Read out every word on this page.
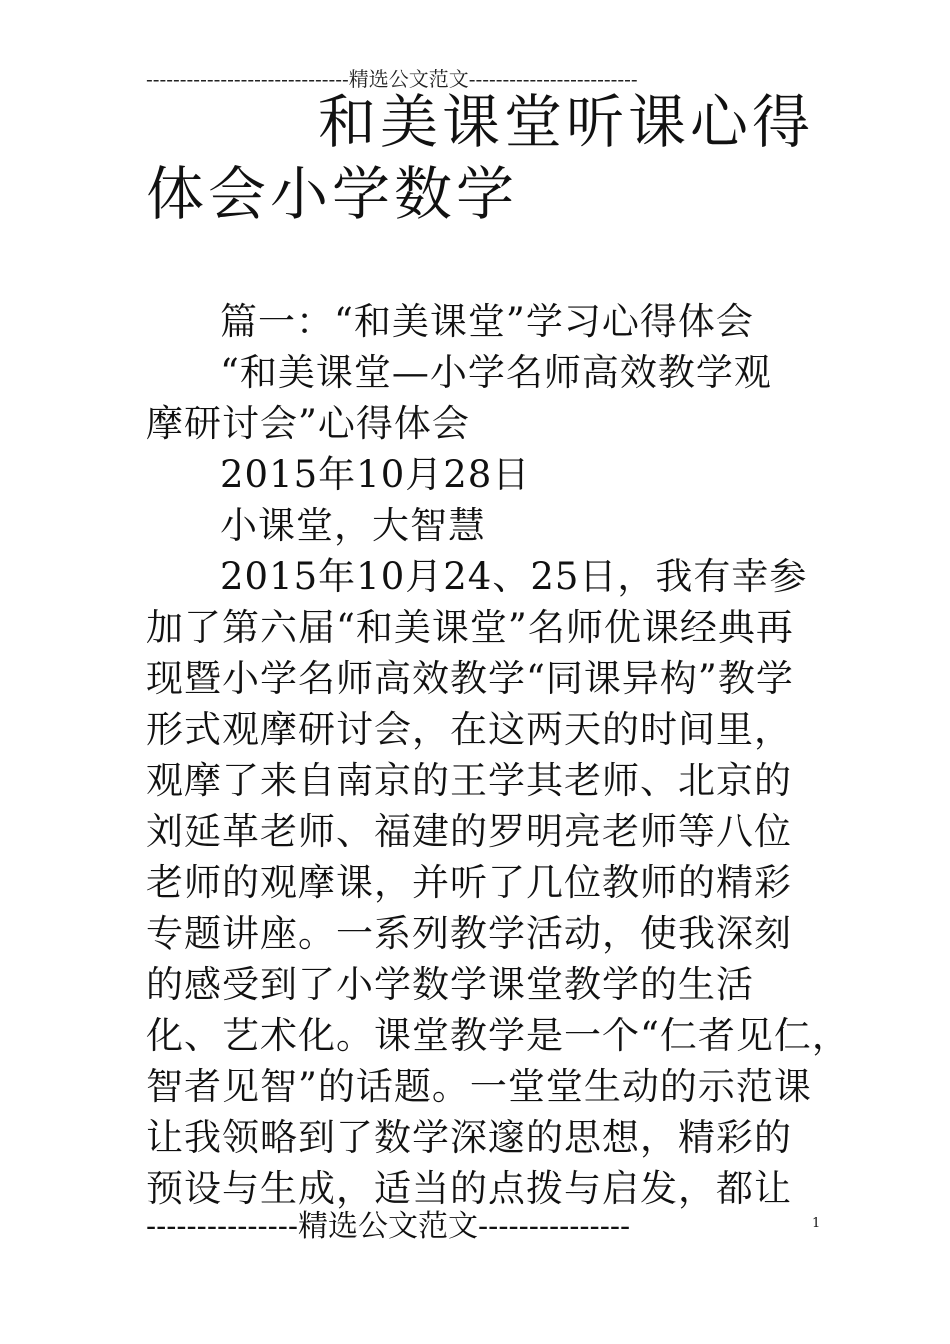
------------------------------精选公文范文-------------------------
和美课堂听课心得
体会小学数学
篇一：“和美课堂”学习心得体会
“和美课堂—小学名师高效教学观
摩研讨会”心得体会
2015年10月28日
小课堂，大智慧
2015年10月24、25日，我有幸参
加了第六届“和美课堂”名师优课经典再
现暨小学名师高效教学“同课异构”教学
形式观摩研讨会，在这两天的时间里，
观摩了来自南京的王学其老师、北京的
刘延革老师、福建的罗明亮老师等八位
老师的观摩课，并听了几位教师的精彩
专题讲座。一系列教学活动，使我深刻
的感受到了小学数学课堂教学的生活
化、艺术化。课堂教学是一个“仁者见仁，
智者见智”的话题。一堂堂生动的示范课
让我领略到了数学深邃的思想，精彩的
预设与生成，适当的点拨与启发，都让
---------------精选公文范文---------------	1
